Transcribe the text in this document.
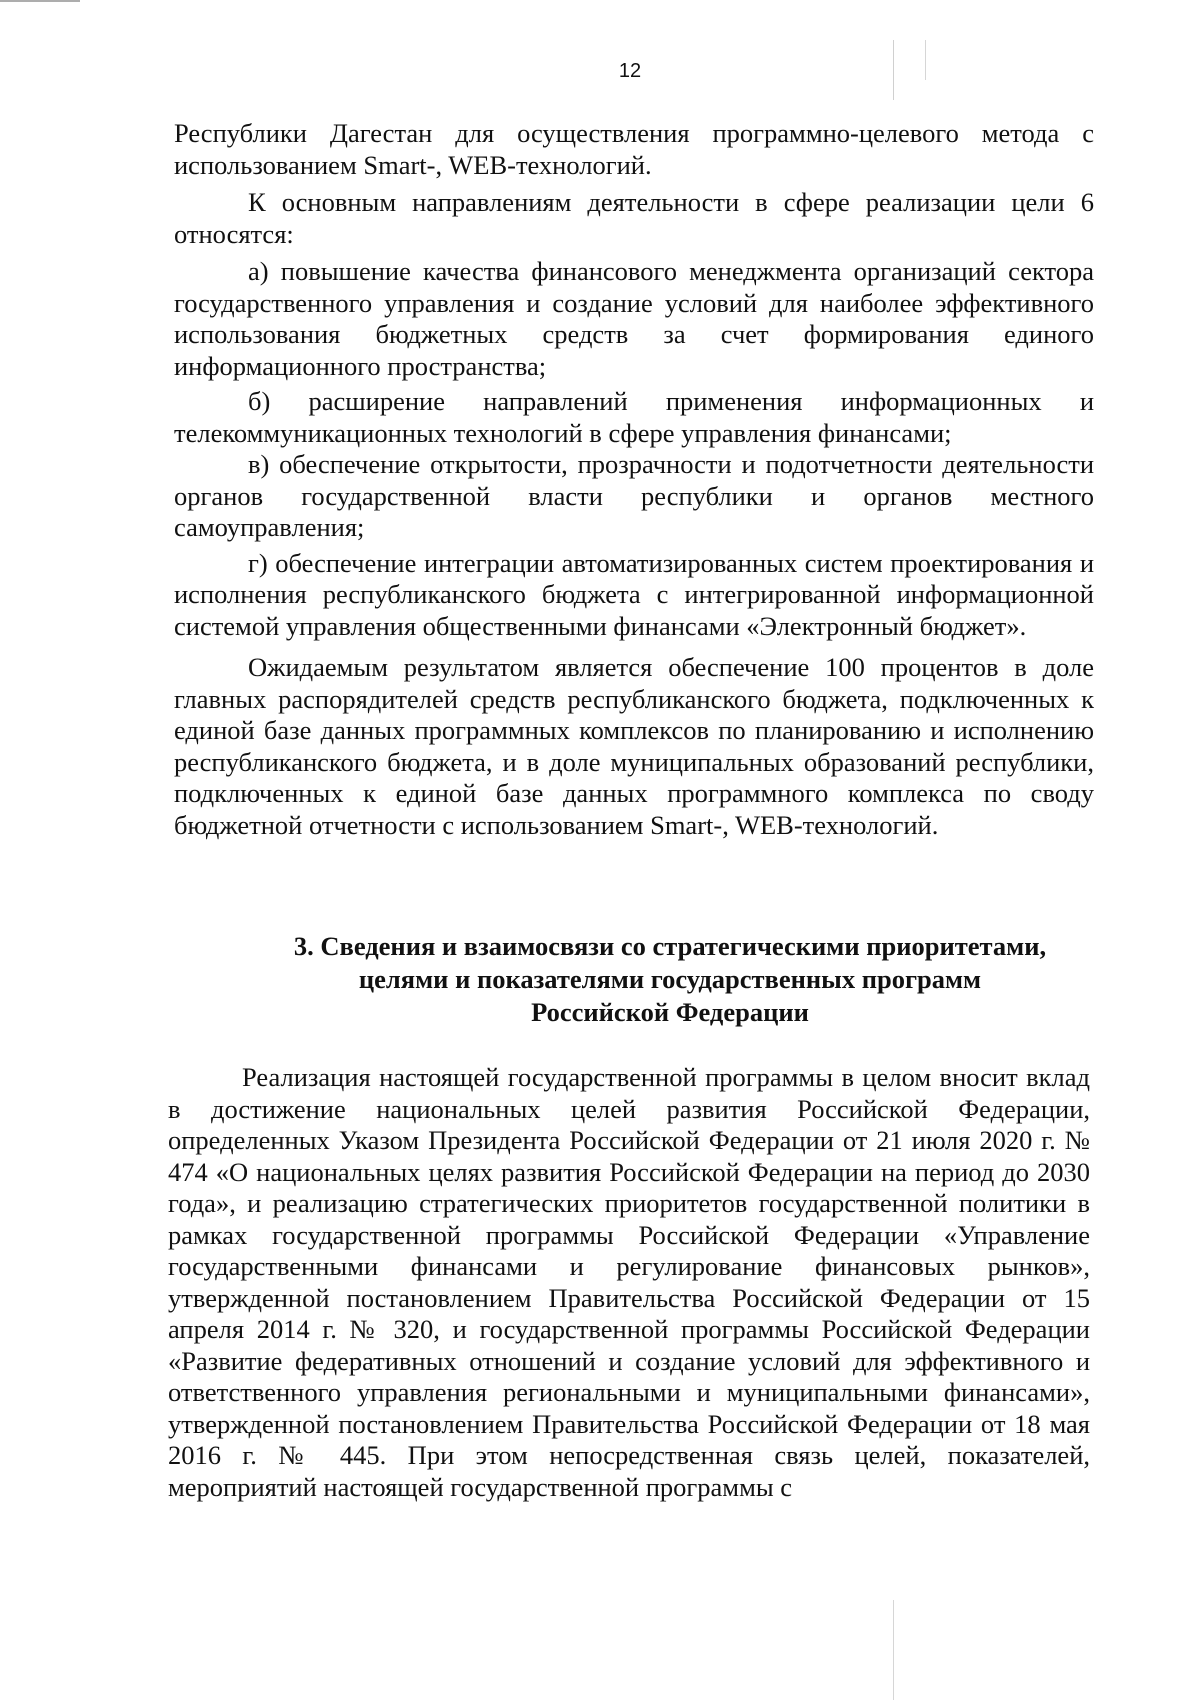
12

Республики Дагестан для осуществления программно-целевого метода с использованием Smart-, WEB-технологий.

К основным направлениям деятельности в сфере реализации цели 6 относятся:

а) повышение качества финансового менеджмента организаций сектора государственного управления и создание условий для наиболее эффективного использования бюджетных средств за счет формирования единого информационного пространства;

б) расширение направлений применения информационных и телекоммуникационных технологий в сфере управления финансами;

в) обеспечение открытости, прозрачности и подотчетности деятельности органов государственной власти республики и органов местного самоуправления;

г) обеспечение интеграции автоматизированных систем проектирования и исполнения республиканского бюджета с интегрированной информационной системой управления общественными финансами «Электронный бюджет».

Ожидаемым результатом является обеспечение 100 процентов в доле главных распорядителей средств республиканского бюджета, подключенных к единой базе данных программных комплексов по планированию и исполнению республиканского бюджета, и в доле муниципальных образований республики, подключенных к единой базе данных программного комплекса по своду бюджетной отчетности с использованием Smart-, WEB-технологий.

3. Сведения и взаимосвязи со стратегическими приоритетами,
целями и показателями государственных программ
Российской Федерации

Реализация настоящей государственной программы в целом вносит вклад в достижение национальных целей развития Российской Федерации, определенных Указом Президента Российской Федерации от 21 июля 2020 г. № 474 «О национальных целях развития Российской Федерации на период до 2030 года», и реализацию стратегических приоритетов государственной политики в рамках государственной программы Российской Федерации «Управление государственными финансами и регулирование финансовых рынков», утвержденной постановлением Правительства Российской Федерации от 15 апреля 2014 г. № 320, и государственной программы Российской Федерации «Развитие федеративных отношений и создание условий для эффективного и ответственного управления региональными и муниципальными финансами», утвержденной постановлением Правительства Российской Федерации от 18 мая 2016 г. № 445. При этом непосредственная связь целей, показателей, мероприятий настоящей государственной программы с
